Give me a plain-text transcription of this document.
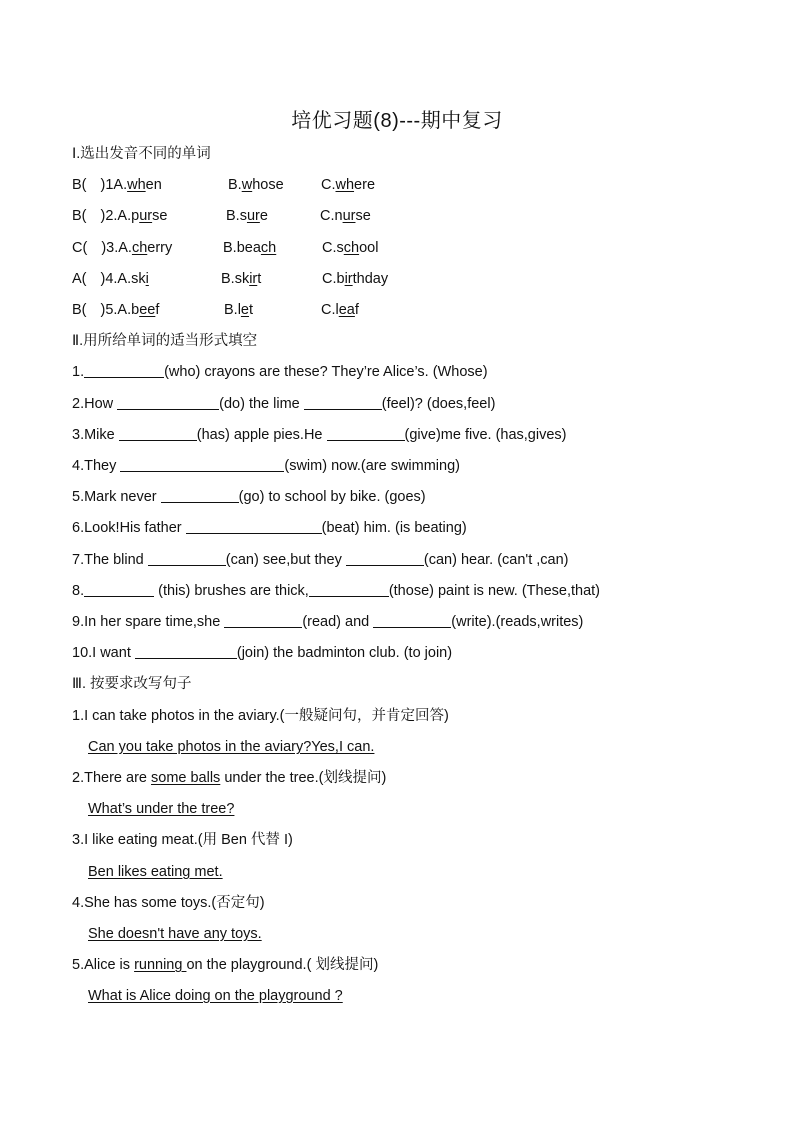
培优习题(8)---期中复习
Ⅰ.选出发音不同的单词
B( )1A.when	B.whose	C.where
B( )2.A.purse	B.sure	C.nurse
C( )3.A.cherry	B.beach	C.school
A( )4.A.ski	B.skirt	C.birthday
B( )5.A.beef	B.let	C.leaf
Ⅱ.用所给单词的适当形式填空
1.	(who) crayons are these? They’re Alice’s. (Whose)
2.How	(do) the lime	(feel)? (does,feel)
3.Mike	(has) apple pies.He	(give)me five. (has,gives)
4.They	(swim) now.(are swimming)
5.Mark never	(go) to school by bike. (goes)
6.Look!His father	(beat) him. (is beating)
7.The blind	(can) see,but they	(can) hear. (can't ,can)
8.	(this) brushes are thick,	(those) paint is new. (These,that)
9.In her spare time,she	(read) and	(write).(reads,writes)
10.I want	(join) the badminton club. (to join)
Ⅲ. 按要求改写句子
1.I can take photos in the aviary.(一般疑问句，并肯定回答)
Can you take photos in the aviary?Yes,I can.
2.There are some balls under the tree.(划线提问)
What’s under the tree?
3.I like eating meat.(用 Ben 代替 I)
Ben likes eating met.
4.She has some toys.(否定句)
She doesn't have any toys.
5.Alice is running on the playground.( 划线提问)
What is Alice doing on the playground ?
